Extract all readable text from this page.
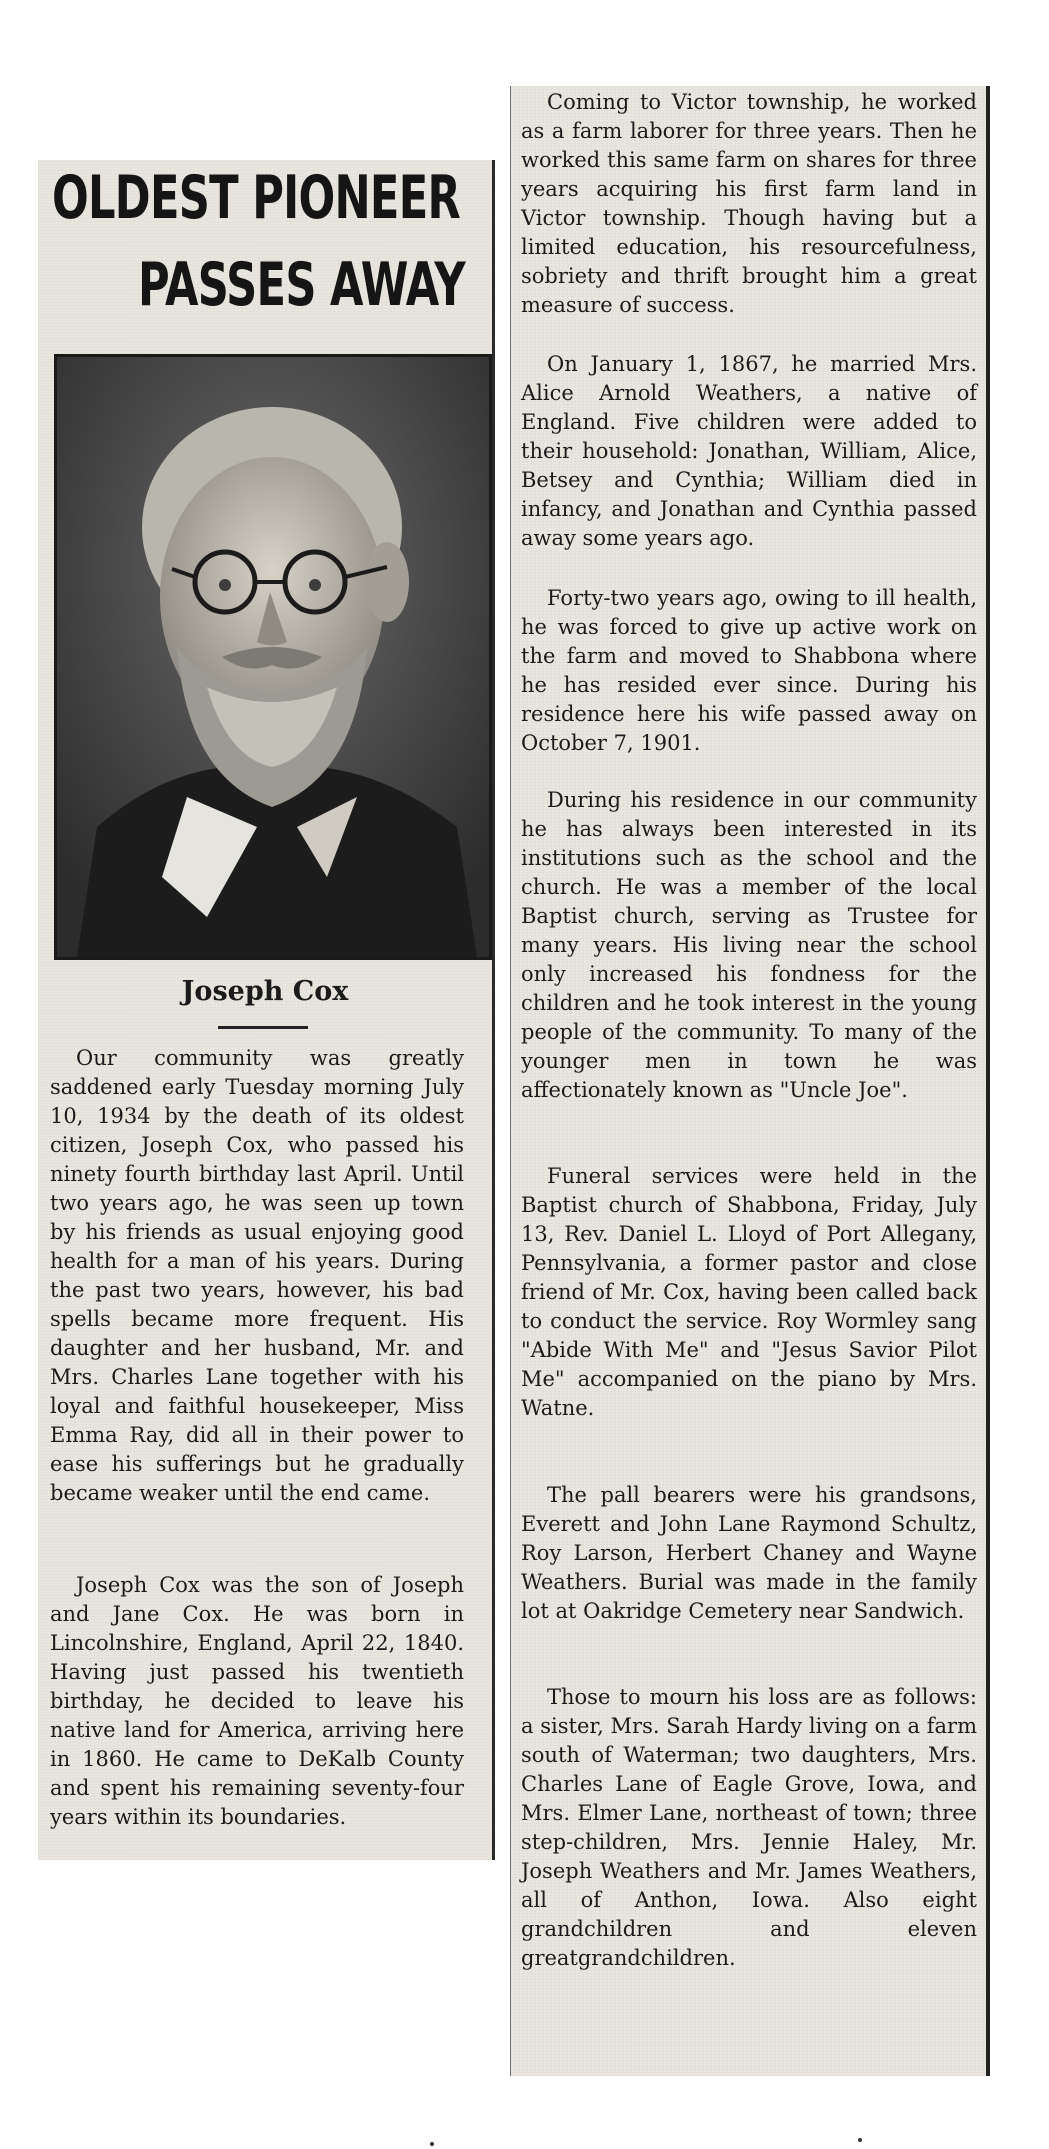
OLDEST PIONEER
PASSES AWAY
Joseph Cox

Our community was greatly saddened early Tuesday morning July 10, 1934 by the death of its oldest citizen, Joseph Cox, who passed his ninety fourth birthday last April. Until two years ago, he was seen up town by his friends as usual enjoying good health for a man of his years. During the past two years, however, his bad spells became more frequent. His daughter and her husband, Mr. and Mrs. Charles Lane together with his loyal and faithful housekeeper, Miss Emma Ray, did all in their power to ease his sufferings but he gradually became weaker until the end came.

Joseph Cox was the son of Joseph and Jane Cox. He was born in Lincolnshire, England, April 22, 1840. Having just passed his twentieth birthday, he decided to leave his native land for America, arriving here in 1860. He came to DeKalb County and spent his remaining seventy-four years within its boundaries.

Coming to Victor township, he worked as a farm laborer for three years. Then he worked this same farm on shares for three years acquiring his first farm land in Victor township. Though having but a limited education, his resourcefulness, sobriety and thrift brought him a great measure of success.

On January 1, 1867, he married Mrs. Alice Arnold Weathers, a native of England. Five children were added to their household: Jonathan, William, Alice, Betsey and Cynthia; William died in infancy, and Jonathan and Cynthia passed away some years ago.

Forty-two years ago, owing to ill health, he was forced to give up active work on the farm and moved to Shabbona where he has resided ever since. During his residence here his wife passed away on October 7, 1901.

During his residence in our community he has always been interested in its institutions such as the school and the church. He was a member of the local Baptist church, serving as Trustee for many years. His living near the school only increased his fondness for the children and he took interest in the young people of the community. To many of the younger men in town he was affectionately known as "Uncle Joe".

Funeral services were held in the Baptist church of Shabbona, Friday, July 13, Rev. Daniel L. Lloyd of Port Allegany, Pennsylvania, a former pastor and close friend of Mr. Cox, having been called back to conduct the service. Roy Wormley sang "Abide With Me" and "Jesus Savior Pilot Me" accompanied on the piano by Mrs. Watne.

The pall bearers were his grandsons, Everett and John Lane Raymond Schultz, Roy Larson, Herbert Chaney and Wayne Weathers. Burial was made in the family lot at Oakridge Cemetery near Sandwich.

Those to mourn his loss are as follows: a sister, Mrs. Sarah Hardy living on a farm south of Waterman; two daughters, Mrs. Charles Lane of Eagle Grove, Iowa, and Mrs. Elmer Lane, northeast of town; three step-children, Mrs. Jennie Haley, Mr. Joseph Weathers and Mr. James Weathers, all of Anthon, Iowa. Also eight grandchildren and eleven greatgrandchildren.
